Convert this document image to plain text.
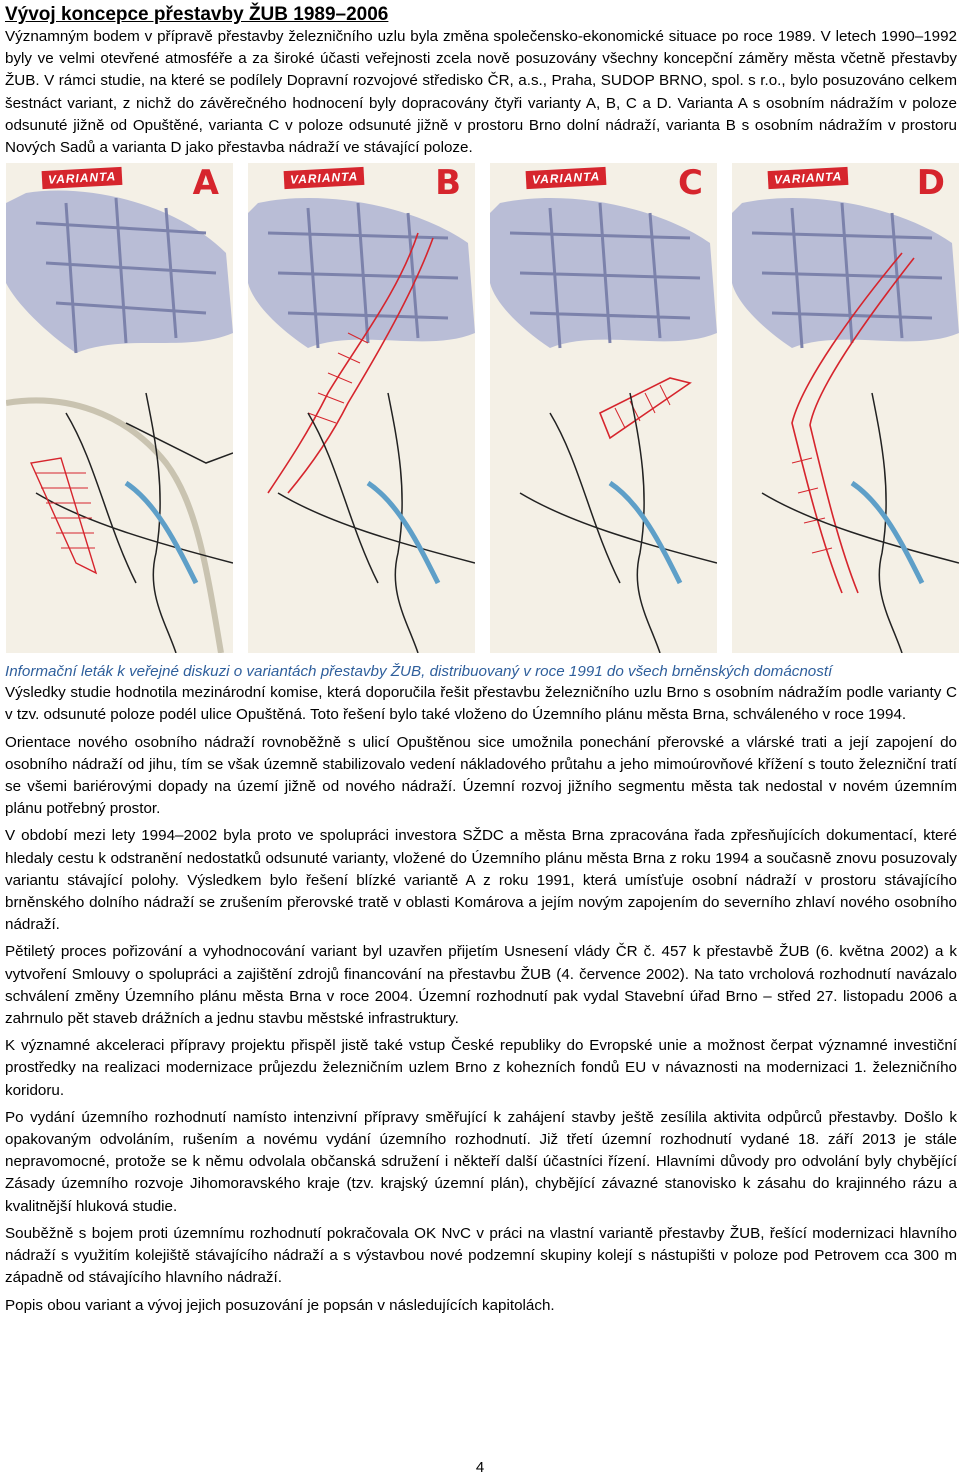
Vývoj koncepce přestavby ŽUB 1989–2006

Významným bodem v přípravě přestavby železničního uzlu byla změna společensko-ekonomické situace po roce 1989. V letech 1990–1992 byly ve velmi otevřené atmosféře a za široké účasti veřejnosti zcela nově posuzovány všechny koncepční záměry města včetně přestavby ŽUB. V rámci studie, na které se podílely Dopravní rozvojové středisko ČR, a.s., Praha, SUDOP BRNO, spol. s r.o., bylo posuzováno celkem šestnáct variant, z nichž do závěrečného hodnocení byly dopracovány čtyři varianty A, B, C a D. Varianta A s osobním nádražím v poloze odsunuté jižně od Opuštěné, varianta C v poloze odsunuté jižně v prostoru Brno dolní nádraží, varianta B s osobním nádražím v prostoru Nových Sadů a varianta D jako přestavba nádraží ve stávající poloze.

VARIANTA A	VARIANTA B	VARIANTA C	VARIANTA D

Informační leták k veřejné diskuzi o variantách přestavby ŽUB, distribuovaný v roce 1991 do všech brněnských domácností

Výsledky studie hodnotila mezinárodní komise, která doporučila řešit přestavbu železničního uzlu Brno s osobním nádražím podle varianty C v tzv. odsunuté poloze podél ulice Opuštěná. Toto řešení bylo také vloženo do Územního plánu města Brna, schváleného v roce 1994.

Orientace nového osobního nádraží rovnoběžně s ulicí Opuštěnou sice umožnila ponechání přerovské a vlárské trati a její zapojení do osobního nádraží od jihu, tím se však územně stabilizovalo vedení nákladového průtahu a jeho mimoúrovňové křížení s touto železniční tratí se všemi bariérovými dopady na území jižně od nového nádraží. Územní rozvoj jižního segmentu města tak nedostal v novém územním plánu potřebný prostor.

V období mezi lety 1994–2002 byla proto ve spolupráci investora SŽDC a města Brna zpracována řada zpřesňujících dokumentací, které hledaly cestu k odstranění nedostatků odsunuté varianty, vložené do Územního plánu města Brna z roku 1994 a současně znovu posuzovaly variantu stávající polohy. Výsledkem bylo řešení blízké variantě A z roku 1991, která umísťuje osobní nádraží v prostoru stávajícího brněnského dolního nádraží se zrušením přerovské tratě v oblasti Komárova a jejím novým zapojením do severního zhlaví nového osobního nádraží.

Pětiletý proces pořizování a vyhodnocování variant byl uzavřen přijetím Usnesení vlády ČR č. 457 k přestavbě ŽUB (6. května 2002) a k vytvoření Smlouvy o spolupráci a zajištění zdrojů financování na přestavbu ŽUB (4. července 2002). Na tato vrcholová rozhodnutí navázalo schválení změny Územního plánu města Brna v roce 2004. Územní rozhodnutí pak vydal Stavební úřad Brno – střed 27. listopadu 2006 a zahrnulo pět staveb drážních a jednu stavbu městské infrastruktury.

K významné akceleraci přípravy projektu přispěl jistě také vstup České republiky do Evropské unie a možnost čerpat významné investiční prostředky na realizaci modernizace průjezdu železničním uzlem Brno z kohezních fondů EU v návaznosti na modernizaci 1. železničního koridoru.

Po vydání územního rozhodnutí namísto intenzivní přípravy směřující k zahájení stavby ještě zesílila aktivita odpůrců přestavby. Došlo k opakovaným odvoláním, rušením a novému vydání územního rozhodnutí. Již třetí územní rozhodnutí vydané 18. září 2013 je stále nepravomocné, protože se k němu odvolala občanská sdružení i někteří další účastníci řízení. Hlavními důvody pro odvolání byly chybějící Zásady územního rozvoje Jihomoravského kraje (tzv. krajský územní plán), chybějící závazné stanovisko k zásahu do krajinného rázu a kvalitnější hluková studie.

Souběžně s bojem proti územnímu rozhodnutí pokračovala OK NvC v práci na vlastní variantě přestavby ŽUB, řešící modernizaci hlavního nádraží s využitím kolejiště stávajícího nádraží a s výstavbou nové podzemní skupiny kolejí s nástupišti v poloze pod Petrovem cca 300 m západně od stávajícího hlavního nádraží.

Popis obou variant a vývoj jejich posuzování je popsán v následujících kapitolách.

4
